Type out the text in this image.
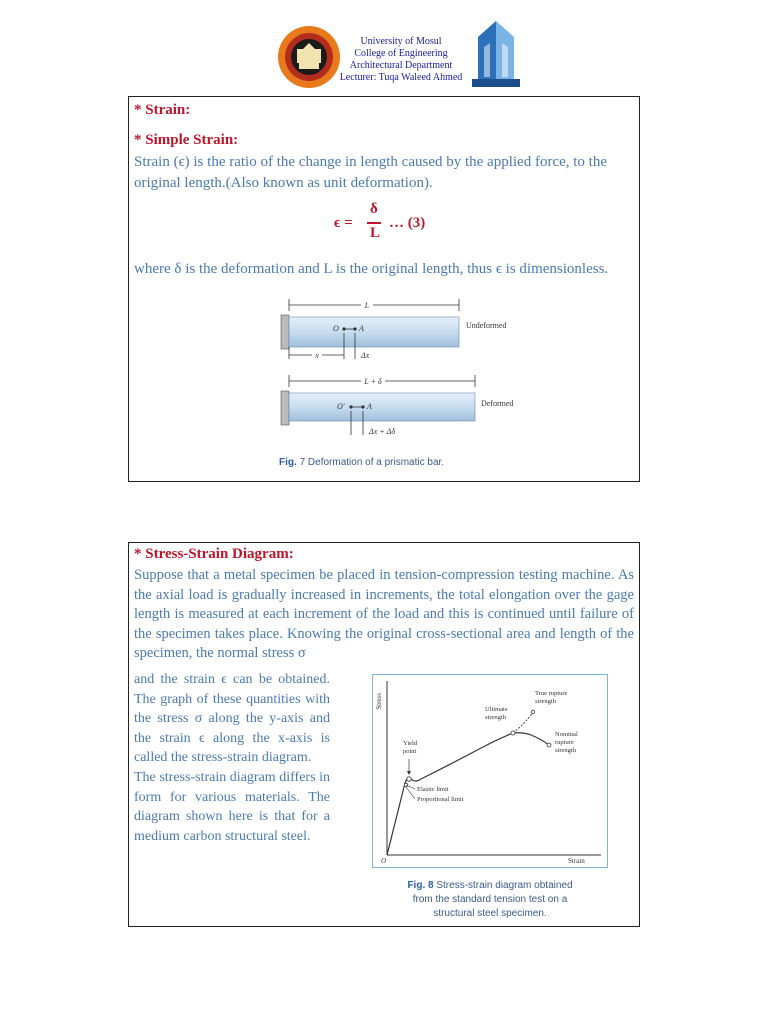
University of Mosul
College of Engineering
Architectural Department
Lecturer: Tuqa Waleed Ahmed
* Strain:
* Simple Strain:
Strain (ϵ) is the ratio of the change in length caused by the applied force, to the original length.(Also known as unit deformation).
ϵ =
δ
L
… (3)
where δ is the deformation and L is the original length, thus ϵ is dimensionless.
L
O	A	Undeformed
x	Δx
L + δ
O'	A	Deformed
Δx + Δδ
Fig. 7 Deformation of a prismatic bar.
* Stress-Strain Diagram:
Suppose that a metal specimen be placed in tension-compression testing machine. As the axial load is gradually increased in increments, the total elongation over the gage length is measured at each increment of the load and this is continued until failure of the specimen takes place. Knowing the original cross-sectional area and length of the specimen, the normal stress σ
and the strain ϵ can be obtained. The graph of these quantities with the stress σ along the y-axis and the strain ϵ along the x-axis is called the stress-strain diagram.
The stress-strain diagram differs in form for various materials. The diagram shown here is that for a medium carbon structural steel.
Stress
Strain
O
Yield point
Ultimate strength
True rupture strength
Nominal rupture strength
Elastic limit
Proportional limit
Fig. 8 Stress-strain diagram obtained
from the standard tension test on a
structural steel specimen.
